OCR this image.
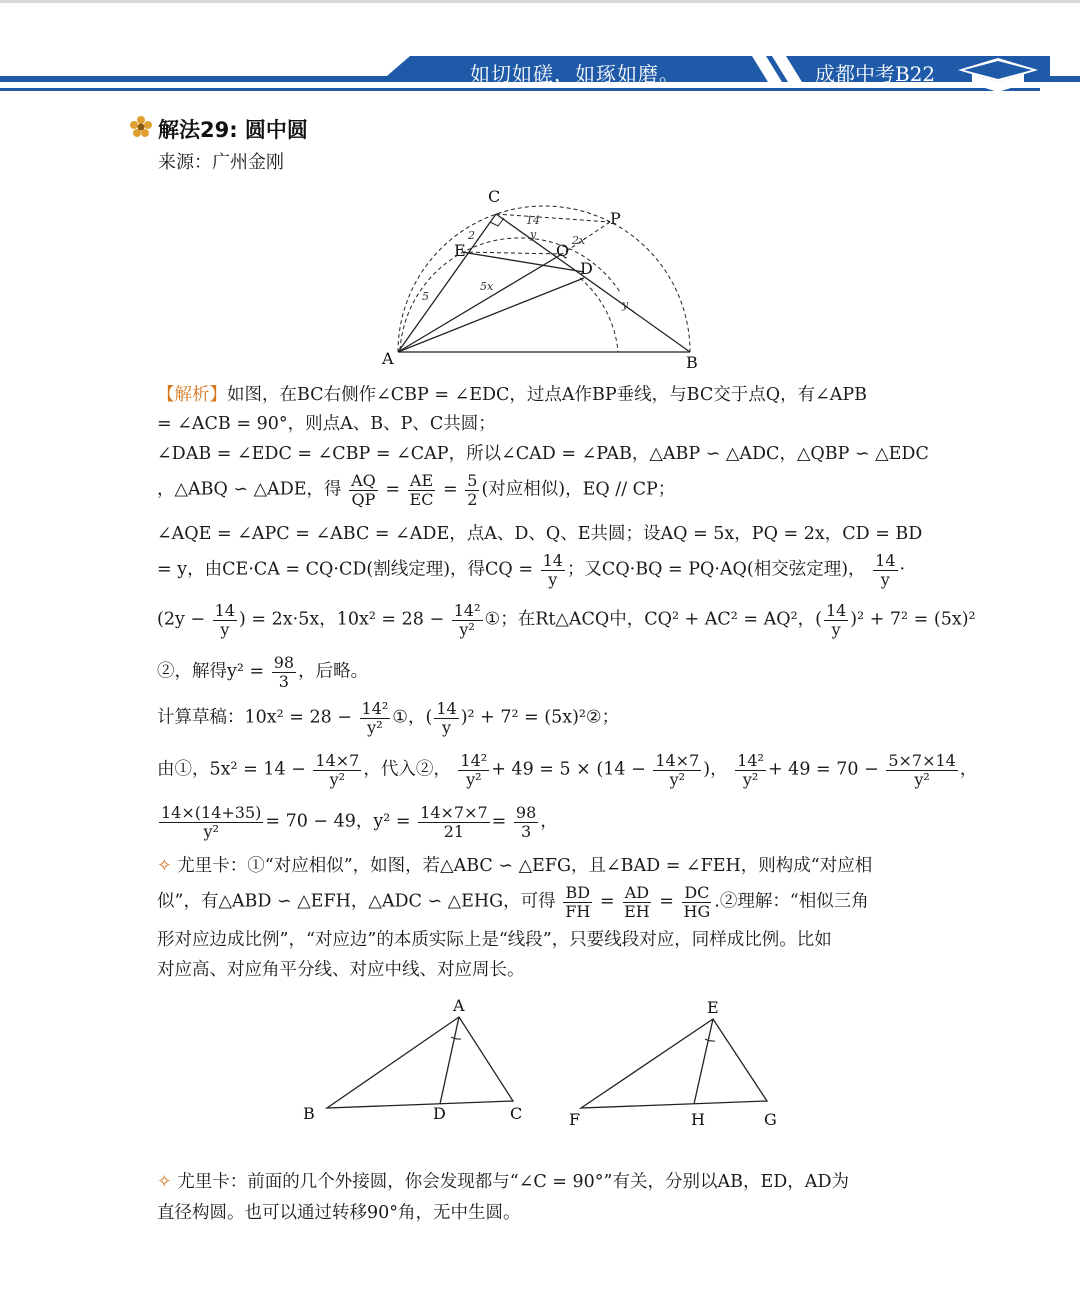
如切如磋，如琢如磨。	成都中考B22
解法29: 圆中圆
来源：广州金刚
C
P
Q
D
E
A	B
2
5
5x
2x
y
14
y
【解析】如图，在BC右侧作∠CBP = ∠EDC，过点A作BP垂线，与BC交于点Q，有∠APB
= ∠ACB = 90°，则点A、B、P、C共圆；
∠DAB = ∠EDC = ∠CBP = ∠CAP，所以∠CAD = ∠PAB，△ABP ∽ △ADC，△QBP ∽ △EDC
，△ABQ ∽ △ADE，得 $\frac{AQ}{QP} = \frac{AE}{EC} = \frac{5}{2}$ (对应相似)，EQ // CP；
∠AQE = ∠APC = ∠ABC = ∠ADE，点A、D、Q、E共圆；设AQ = 5x，PQ = 2x，CD = BD
= y，由CE·CA = CQ·CD(割线定理)，得CQ = $\frac{14}{y}$ ；又CQ·BQ = PQ·AQ(相交弦定理)， $\frac{14}{y}$ ·
($2y - \frac{14}{y}$ ) = 2x·5x，$10x^2 = 28 - \frac{\text{14²}}{\text{y²}}$ ①；在Rt△ACQ中，CQ² + AC² = AQ²，( $\frac{14}{y} )^2 + 7^2 = (5x)^2$
②，解得$y^2 = \frac{98}{3}$ ，后略。
计算草稿：$10x^2 = 28 - \frac{\text{14²}}{\text{y²}}$ ①，( $\frac{14}{y} )^2 + 7^2$ = (5x)²②；
由①，$5x^2 = 14 - \frac{14\times 7}{\text{y²}}$ ，代入②， $\frac{\text{14²}}{\text{y²}} + 49 = 5 \times (14 - \frac{14\times 7}{\text{y²}}$ )， $\frac{\text{14²}}{\text{y²}} + 49 = 70 - \frac{5\times 7\times 14}{\text{y²}}$ ，
$\frac{14\times(14+35)}{\text{y²}} = 70 - 49$，$y^2 = \frac{14\times 7\times 7}{21} = \frac{98}{3}$ ，
✧ 尤里卡：①“对应相似”，如图，若△ABC ∽ △EFG，且∠BAD = ∠FEH，则构成“对应相
似”，有△ABD ∽ △EFH，△ADC ∽ △EHG，可得 $\frac{BD}{FH} = \frac{AD}{EH} = \frac{DC}{HG}$ .②理解：“相似三角
形对应边成比例”，“对应边”的本质实际上是“线段”，只要线段对应，同样成比例。比如
对应高、对应角平分线、对应中线、对应周长。
A
B	D	C
E
F	H	G
✧ 尤里卡：前面的几个外接圆，你会发现都与“∠C = 90°”有关，分别以AB，ED，AD为
直径构圆。也可以通过转移90°角，无中生圆。
